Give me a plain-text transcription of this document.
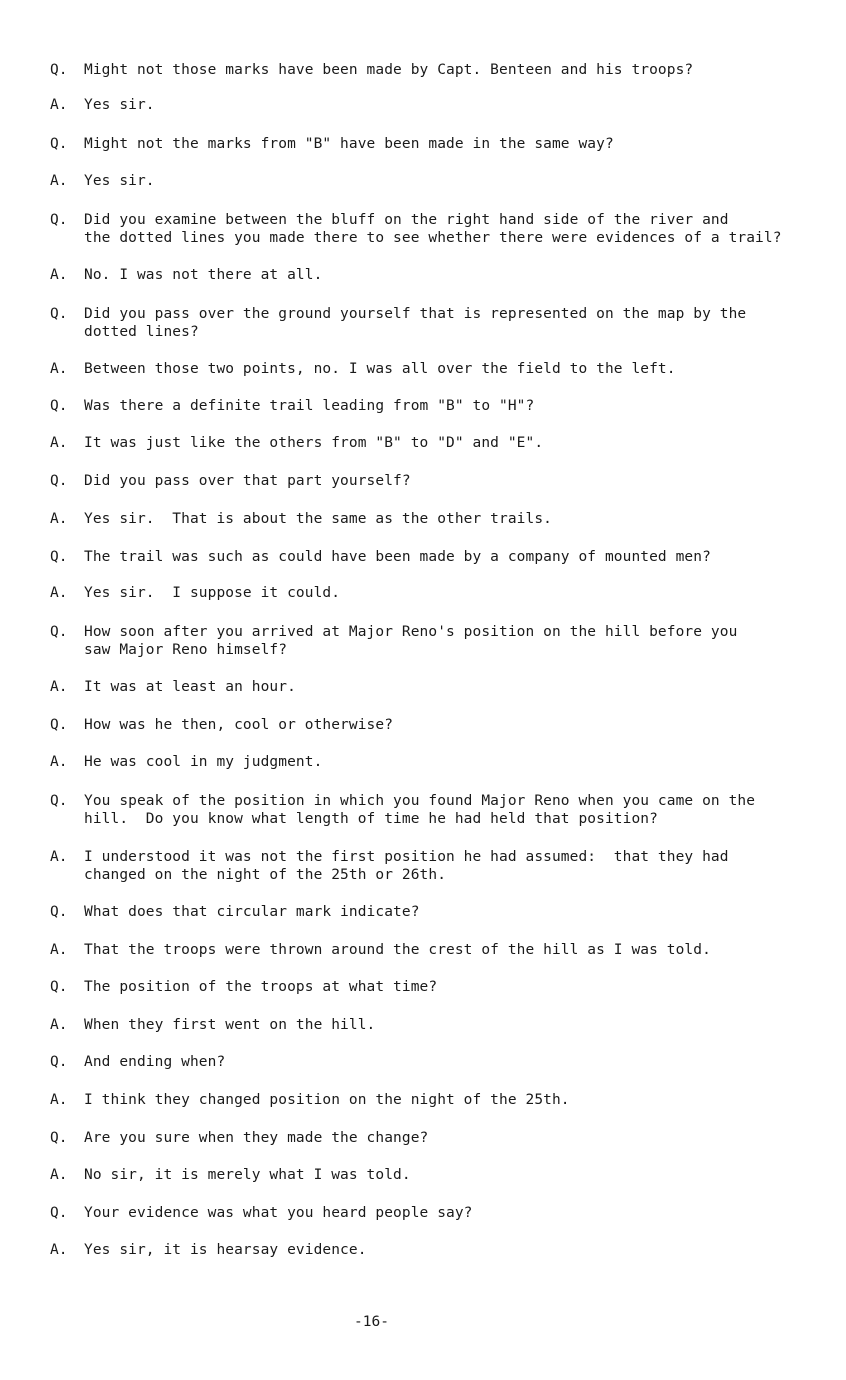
Q. Might not those marks have been made by Capt. Benteen and his troops?
A. Yes sir.
Q. Might not the marks from "B" have been made in the same way?
A. Yes sir.
Q. Did you examine between the bluff on the right hand side of the river and
the dotted lines you made there to see whether there were evidences of a trail?
A. No. I was not there at all.
Q. Did you pass over the ground yourself that is represented on the map by the
dotted lines?
A. Between those two points, no. I was all over the field to the left.
Q. Was there a definite trail leading from "B" to "H"?
A. It was just like the others from "B" to "D" and "E".
Q. Did you pass over that part yourself?
A. Yes sir.  That is about the same as the other trails.
Q. The trail was such as could have been made by a company of mounted men?
A. Yes sir.  I suppose it could.
Q. How soon after you arrived at Major Reno's position on the hill before you
saw Major Reno himself?
A. It was at least an hour.
Q. How was he then, cool or otherwise?
A. He was cool in my judgment.
Q. You speak of the position in which you found Major Reno when you came on the
hill.  Do you know what length of time he had held that position?
A. I understood it was not the first position he had assumed:  that they had
changed on the night of the 25th or 26th.
Q. What does that circular mark indicate?
A. That the troops were thrown around the crest of the hill as I was told.
Q. The position of the troops at what time?
A. When they first went on the hill.
Q. And ending when?
A. I think they changed position on the night of the 25th.
Q. Are you sure when they made the change?
A. No sir, it is merely what I was told.
Q. Your evidence was what you heard people say?
A. Yes sir, it is hearsay evidence.
-16-
